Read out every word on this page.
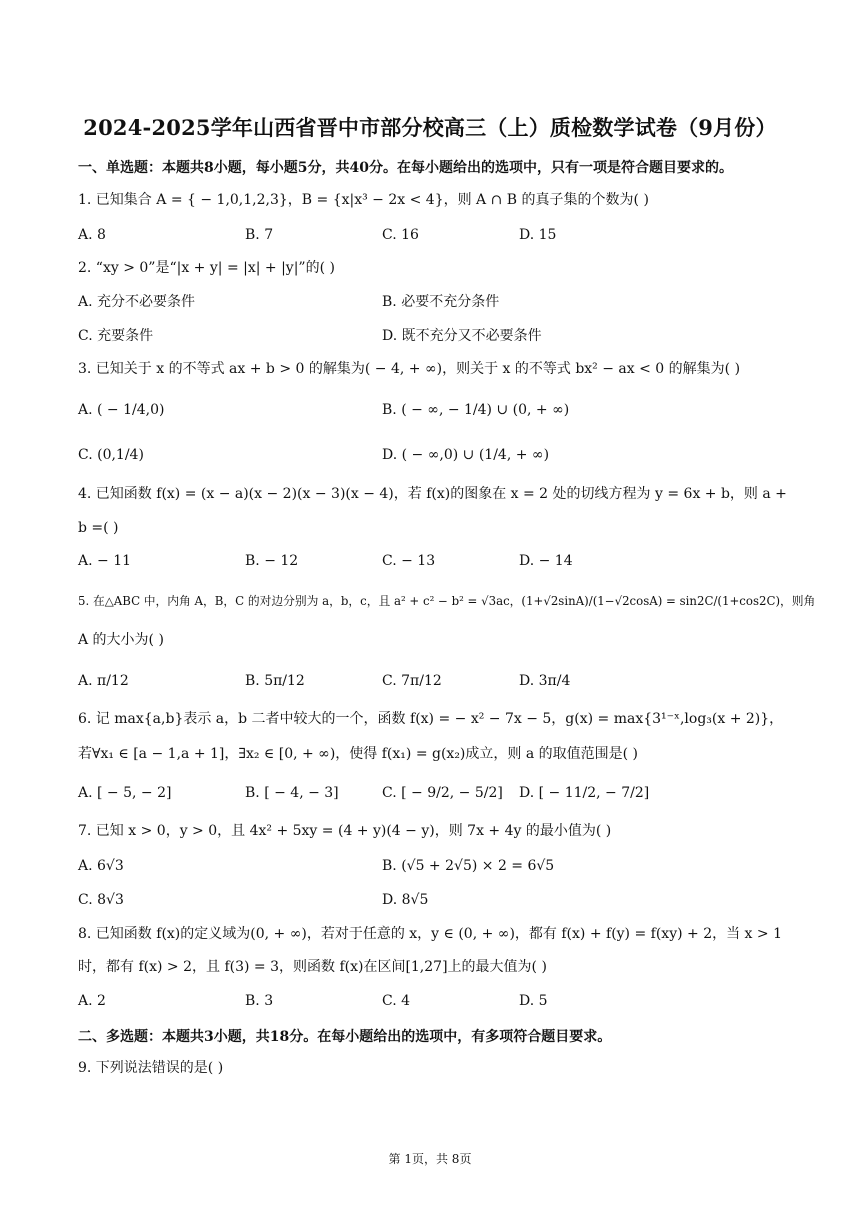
2024-2025学年山西省晋中市部分校高三（上）质检数学试卷（9月份）
一、单选题：本题共8小题，每小题5分，共40分。在每小题给出的选项中，只有一项是符合题目要求的。
1. 已知集合 A = { − 1,0,1,2,3}，B = {x|x³ − 2x < 4}，则 A ∩ B 的真子集的个数为( )
A. 8	B. 7	C. 16	D. 15
2. “xy > 0”是“|x + y| = |x| + |y|”的( )
A. 充分不必要条件	B. 必要不充分条件
C. 充要条件	D. 既不充分又不必要条件
3. 已知关于 x 的不等式 ax + b > 0 的解集为( − 4, + ∞)，则关于 x 的不等式 bx² − ax < 0 的解集为( )
A. ( − 1/4,0)	B. ( − ∞, − 1/4) ∪ (0, + ∞)
C. (0,1/4)	D. ( − ∞,0) ∪ (1/4, + ∞)
4. 已知函数 f(x) = (x − a)(x − 2)(x − 3)(x − 4)，若 f(x)的图象在 x = 2 处的切线方程为 y = 6x + b，则 a +
b =( )
A. − 11	B. − 12	C. − 13	D. − 14
5. 在△ABC 中，内角 A，B，C 的对边分别为 a，b，c，且 a² + c² − b² = √3ac，(1+√2sinA)/(1−√2cosA) = sin2C/(1+cos2C)，则角
A 的大小为( )
A. π/12	B. 5π/12	C. 7π/12	D. 3π/4
6. 记 max{a,b}表示 a，b 二者中较大的一个，函数 f(x) = − x² − 7x − 5，g(x) = max{3¹⁻ˣ,log₃(x + 2)}，
若∀x₁ ∈ [a − 1,a + 1]，∃x₂ ∈ [0, + ∞)，使得 f(x₁) = g(x₂)成立，则 a 的取值范围是( )
A. [ − 5, − 2]	B. [ − 4, − 3]	C. [ − 9/2, − 5/2] D. [ − 11/2, − 7/2]
7. 已知 x > 0，y > 0，且 4x² + 5xy = (4 + y)(4 − y)，则 7x + 4y 的最小值为( )
A. 6√3	B. (√5 + 2√5) × 2 = 6√5
C. 8√3	D. 8√5
8. 已知函数 f(x)的定义域为(0, + ∞)，若对于任意的 x，y ∈ (0, + ∞)，都有 f(x) + f(y) = f(xy) + 2，当 x > 1
时，都有 f(x) > 2，且 f(3) = 3，则函数 f(x)在区间[1,27]上的最大值为( )
A. 2	B. 3	C. 4	D. 5
二、多选题：本题共3小题，共18分。在每小题给出的选项中，有多项符合题目要求。
9. 下列说法错误的是( )
第 1页，共 8页
